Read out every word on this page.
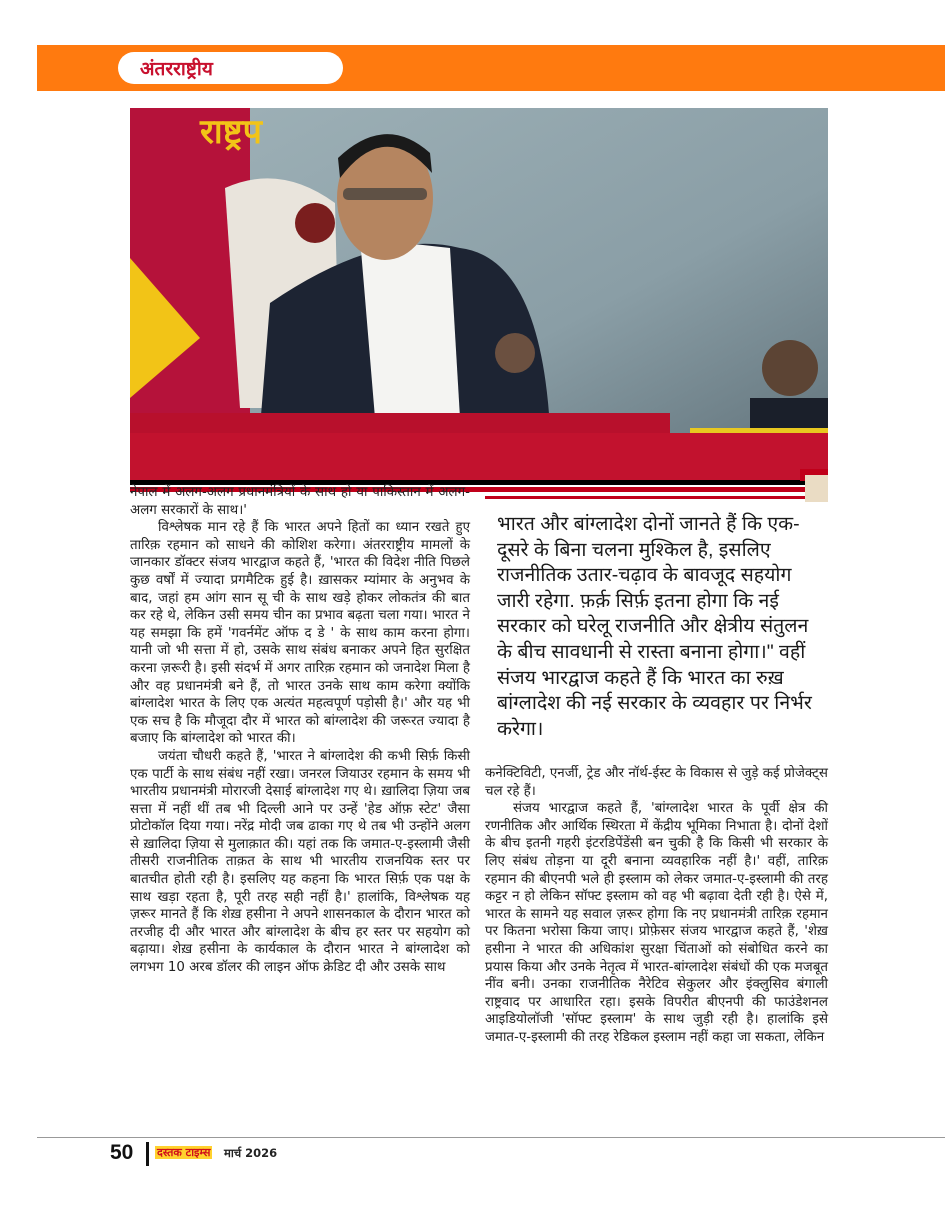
अंतरराष्ट्रीय
राष्ट्रप

नेपाल में अलग-अलग प्रधानमंत्रियों के साथ हो या पाकिस्तान में अलग-अलग सरकारों के साथ।'

विश्लेषक मान रहे हैं कि भारत अपने हितों का ध्यान रखते हुए तारिक़ रहमान को साधने की कोशिश करेगा। अंतरराष्ट्रीय मामलों के जानकार डॉक्टर संजय भारद्वाज कहते हैं, 'भारत की विदेश नीति पिछले कुछ वर्षों में ज्यादा प्रगमैटिक हुई है। ख़ासकर म्यांमार के अनुभव के बाद, जहां हम आंग सान सू ची के साथ खड़े होकर लोकतंत्र की बात कर रहे थे, लेकिन उसी समय चीन का प्रभाव बढ़ता चला गया। भारत ने यह समझा कि हमें 'गवर्नमेंट ऑफ द डे ' के साथ काम करना होगा। यानी जो भी सत्ता में हो, उसके साथ संबंध बनाकर अपने हित सुरक्षित करना ज़रूरी है। इसी संदर्भ में अगर तारिक़ रहमान को जनादेश मिला है और वह प्रधानमंत्री बने हैं, तो भारत उनके साथ काम करेगा क्योंकि बांग्लादेश भारत के लिए एक अत्यंत महत्वपूर्ण पड़ोसी है।' और यह भी एक सच है कि मौजूदा दौर में भारत को बांग्लादेश की जरूरत ज्यादा है बजाए कि बांग्लादेश को भारत की।

जयंता चौधरी कहते हैं, 'भारत ने बांग्लादेश की कभी सिर्फ़ किसी एक पार्टी के साथ संबंध नहीं रखा। जनरल जियाउर रहमान के समय भी भारतीय प्रधानमंत्री मोरारजी देसाई बांग्लादेश गए थे। ख़ालिदा ज़िया जब सत्ता में नहीं थीं तब भी दिल्ली आने पर उन्हें 'हेड ऑफ़ स्टेट' जैसा प्रोटोकॉल दिया गया। नरेंद्र मोदी जब ढाका गए थे तब भी उन्होंने अलग से ख़ालिदा ज़िया से मुलाक़ात की। यहां तक कि जमात-ए-इस्लामी जैसी तीसरी राजनीतिक ताक़त के साथ भी भारतीय राजनयिक स्तर पर बातचीत होती रही है। इसलिए यह कहना कि भारत सिर्फ़ एक पक्ष के साथ खड़ा रहता है, पूरी तरह सही नहीं है।' हालांकि, विश्लेषक यह ज़रूर मानते हैं कि शेख़ हसीना ने अपने शासनकाल के दौरान भारत को तरजीह दी और भारत और बांग्लादेश के बीच हर स्तर पर सहयोग को बढ़ाया। शेख़ हसीना के कार्यकाल के दौरान भारत ने बांग्लादेश को लगभग 10 अरब डॉलर की लाइन ऑफ क्रेडिट दी और उसके साथ

भारत और बांग्लादेश दोनों जानते हैं कि एक-दूसरे के बिना चलना मुश्किल है, इसलिए राजनीतिक उतार-चढ़ाव के बावजूद सहयोग जारी रहेगा. फ़र्क़ सिर्फ़ इतना होगा कि नई सरकार को घरेलू राजनीति और क्षेत्रीय संतुलन के बीच सावधानी से रास्ता बनाना होगा।" वहीं संजय भारद्वाज कहते हैं कि भारत का रुख़ बांग्लादेश की नई सरकार के व्यवहार पर निर्भर करेगा।

कनेक्टिविटी, एनर्जी, ट्रेड और नॉर्थ-ईस्ट के विकास से जुड़े कई प्रोजेक्ट्स चल रहे हैं।

संजय भारद्वाज कहते हैं, 'बांग्लादेश भारत के पूर्वी क्षेत्र की रणनीतिक और आर्थिक स्थिरता में केंद्रीय भूमिका निभाता है। दोनों देशों के बीच इतनी गहरी इंटरडिपेंडेंसी बन चुकी है कि किसी भी सरकार के लिए संबंध तोड़ना या दूरी बनाना व्यवहारिक नहीं है।' वहीं, तारिक़ रहमान की बीएनपी भले ही इस्लाम को लेकर जमात-ए-इस्लामी की तरह कट्टर न हो लेकिन सॉफ्ट इस्लाम को वह भी बढ़ावा देती रही है। ऐसे में, भारत के सामने यह सवाल ज़रूर होगा कि नए प्रधानमंत्री तारिक़ रहमान पर कितना भरोसा किया जाए। प्रोफ़ेसर संजय भारद्वाज कहते हैं, 'शेख़ हसीना ने भारत की अधिकांश सुरक्षा चिंताओं को संबोधित करने का प्रयास किया और उनके नेतृत्व में भारत-बांग्लादेश संबंधों की एक मजबूत नींव बनी। उनका राजनीतिक नैरेटिव सेकुलर और इंक्लुसिव बंगाली राष्ट्रवाद पर आधारित रहा। इसके विपरीत बीएनपी की फाउंडेशनल आइडियोलॉजी 'सॉफ्ट इस्लाम' के साथ जुड़ी रही है। हालांकि इसे जमात-ए-इस्लामी की तरह रेडिकल इस्लाम नहीं कहा जा सकता, लेकिन

50 दस्तक टाइम्स मार्च 2026
